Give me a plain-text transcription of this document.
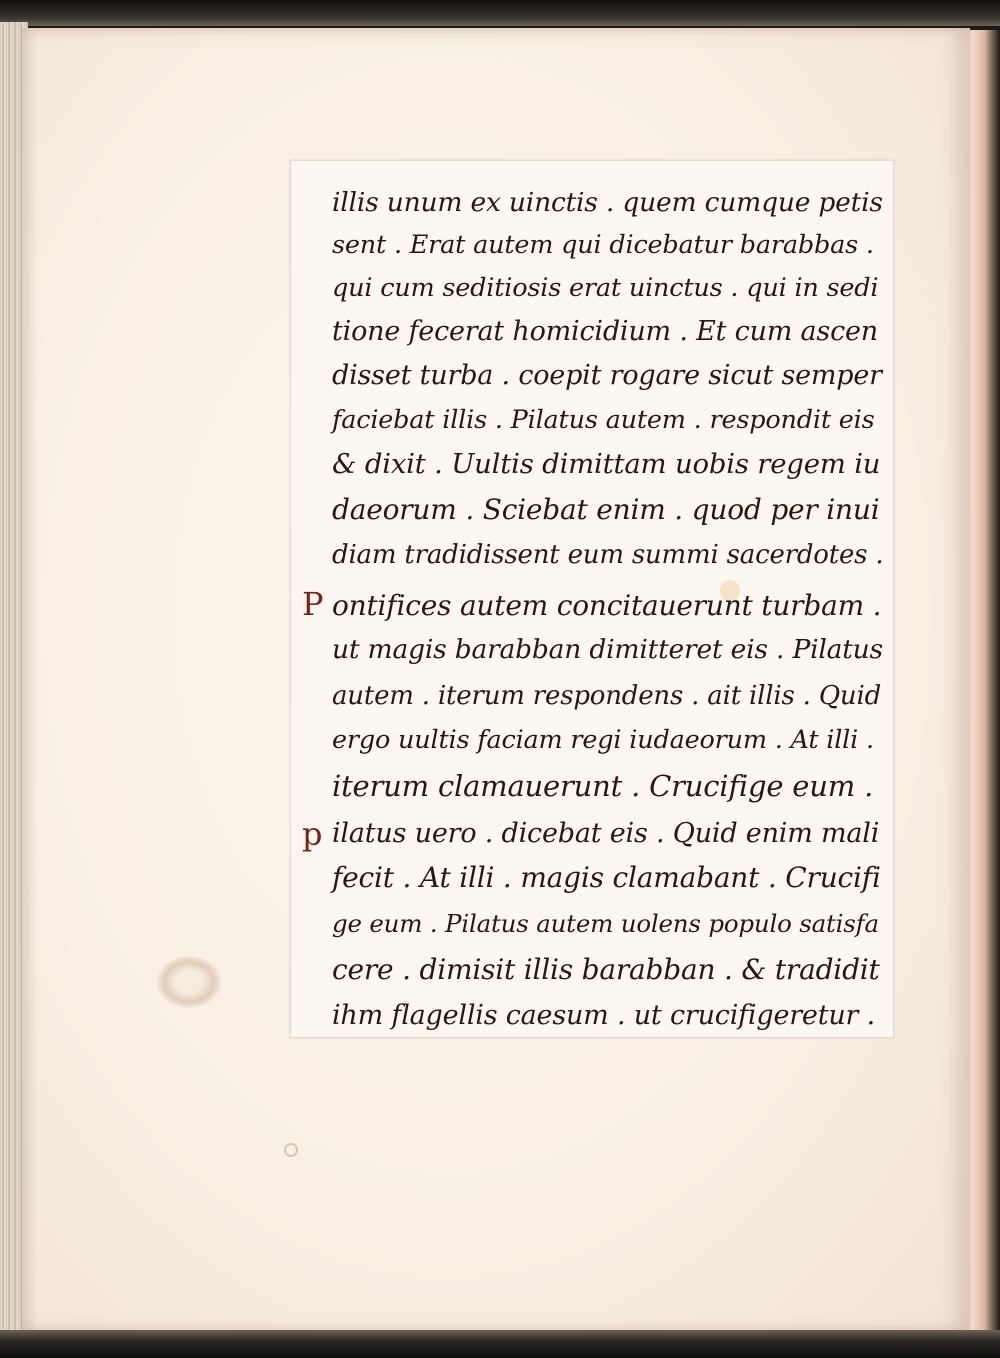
illis unum ex uinctis . quem cumque petis
sent . Erat autem qui dicebatur barabbas .
qui cum seditiosis erat uinctus . qui in sedi
tione fecerat homicidium . Et cum ascen
disset turba . coepit rogare sicut semper
faciebat illis . Pilatus autem . respondit eis
& dixit . Uultis dimittam uobis regem iu
daeorum . Sciebat enim . quod per inui
diam tradidissent eum summi sacerdotes .
P ontifices autem concitauerunt turbam .
ut magis barabban dimitteret eis . Pilatus
autem . iterum respondens . ait illis . Quid
ergo uultis faciam regi iudaeorum . At illi .
iterum clamauerunt . Crucifige eum .
p ilatus uero . dicebat eis . Quid enim mali
fecit . At illi . magis clamabant . Crucifi
ge eum . Pilatus autem uolens populo satisfa
cere . dimisit illis barabban . & tradidit
ihm flagellis caesum . ut crucifigeretur .
